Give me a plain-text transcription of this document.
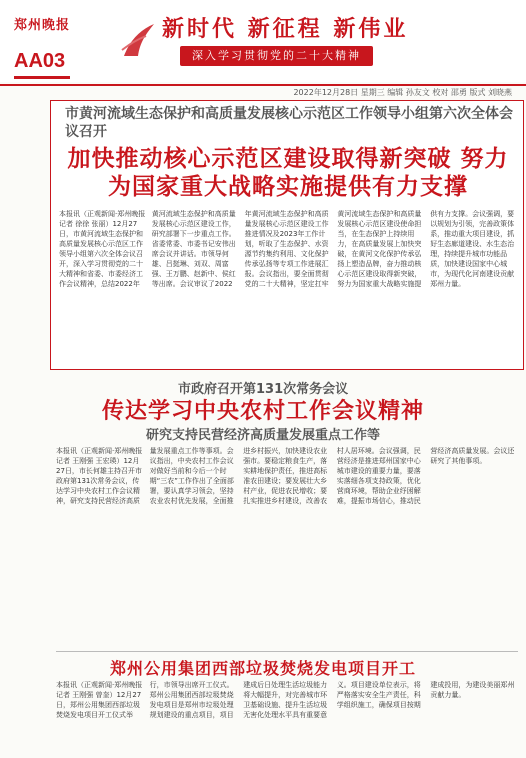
郑州晚报	新时代 新征程 新伟业
深入学习贯彻党的二十大精神
AA03
2022年12月28日 星期三 编辑 孙友文 校对 邵勇 版式 刘晓燕
市黄河流域生态保护和高质量发展核心示范区工作领导小组第六次全体会议召开
加快推动核心示范区建设取得新突破 努力为国家重大战略实施提供有力支撑
本报讯（正观新闻·郑州晚报记者 徐徐 张丽）12月27日，市黄河流域生态保护和高质量发展核心示范区工作领导小组第六次全体会议召开，深入学习贯彻党的二十大精神和省委、市委经济工作会议精神，总结2022年黄河流域生态保护和高质量发展核心示范区建设工作，研究部署下一步重点工作。省委常委、市委书记安伟出席会议并讲话。市领导何雄、吕挺琳、刘双、周富强、王万鹏、赵新中、侯红等出席。会议审议了2022年黄河流域生态保护和高质量发展核心示范区建设工作推进情况及2023年工作计划，听取了生态保护、水资源节约集约利用、文化保护传承弘扬等专项工作进展汇报。会议指出，要全面贯彻党的二十大精神，坚定扛牢黄河流域生态保护和高质量发展核心示范区建设使命担当，在生态保护上持续用力，在高质量发展上加快突破，在黄河文化保护传承弘扬上塑造品牌，奋力推动核心示范区建设取得新突破，努力为国家重大战略实施提供有力支撑。会议强调，要以规划为引领，完善政策体系，推动重大项目建设，抓好生态廊道建设、水生态治理，持续提升城市功能品质，加快建设国家中心城市，为现代化河南建设贡献郑州力量。
市政府召开第131次常务会议
传达学习中央农村工作会议精神
研究支持民营经济高质量发展重点工作等
本报讯（正观新闻·郑州晚报记者 王刚强 王宏瑛）12月27日，市长何雄主持召开市政府第131次常务会议，传达学习中央农村工作会议精神，研究支持民营经济高质量发展重点工作等事项。会议指出，中央农村工作会议对做好当前和今后一个时期“三农”工作作出了全面部署，要认真学习领会，坚持农业农村优先发展，全面推进乡村振兴，加快建设农业强市。要稳定粮食生产，落实耕地保护责任，推进高标准农田建设；要发展壮大乡村产业，促进农民增收；要扎实推进乡村建设，改善农村人居环境。会议强调，民营经济是推进郑州国家中心城市建设的重要力量，要落实落细各项支持政策，优化营商环境，帮助企业纾困解难，提振市场信心，推动民营经济高质量发展。会议还研究了其他事项。
郑州公用集团西部垃圾焚烧发电项目开工
本报讯（正观新闻·郑州晚报记者 王刚强 曾奎）12月27日，郑州公用集团西部垃圾焚烧发电项目开工仪式举行，市领导出席开工仪式。郑州公用集团西部垃圾焚烧发电项目是郑州市垃圾处理规划建设的重点项目，项目建成后日处理生活垃圾能力将大幅提升，对完善城市环卫基础设施、提升生活垃圾无害化处理水平具有重要意义。项目建设单位表示，将严格落实安全生产责任，科学组织施工，确保项目按期建成投用，为建设美丽郑州贡献力量。
